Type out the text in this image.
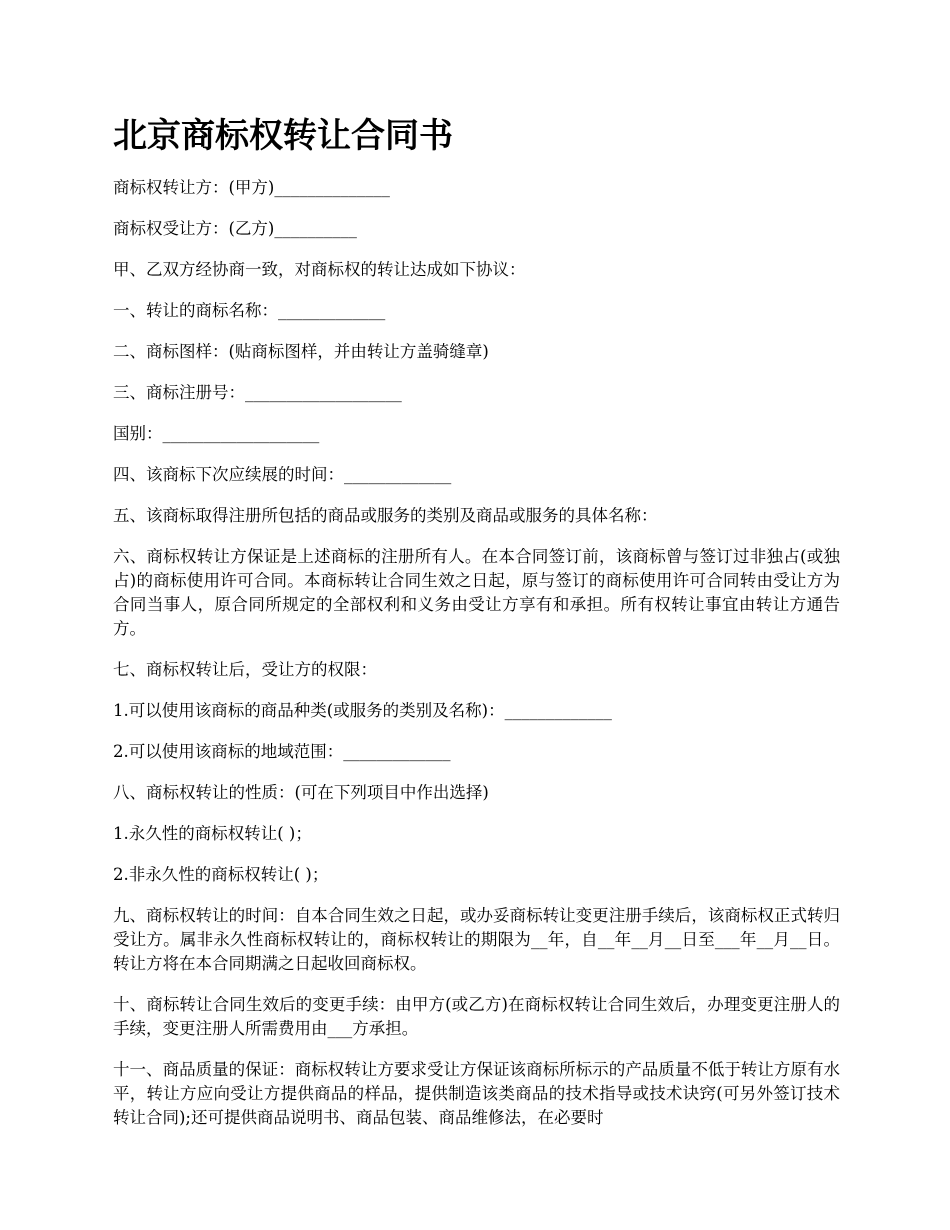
北京商标权转让合同书

商标权转让方：(甲方)______________

商标权受让方：(乙方)__________

甲、乙双方经协商一致，对商标权的转让达成如下协议：

一、转让的商标名称：_____________

二、商标图样：(贴商标图样，并由转让方盖骑缝章)

三、商标注册号：___________________

国别：___________________

四、该商标下次应续展的时间：_____________

五、该商标取得注册所包括的商品或服务的类别及商品或服务的具体名称：

六、商标权转让方保证是上述商标的注册所有人。在本合同签订前，该商标曾与签订过非独占(或独占)的商标使用许可合同。本商标转让合同生效之日起，原与签订的商标使用许可合同转由受让方为合同当事人，原合同所规定的全部权利和义务由受让方享有和承担。所有权转让事宜由转让方通告方。

七、商标权转让后，受让方的权限：

1.可以使用该商标的商品种类(或服务的类别及名称)：_____________

2.可以使用该商标的地域范围：_____________

八、商标权转让的性质：(可在下列项目中作出选择)

1.永久性的商标权转让( )；

2.非永久性的商标权转让( )；

九、商标权转让的时间：自本合同生效之日起，或办妥商标转让变更注册手续后，该商标权正式转归受让方。属非永久性商标权转让的，商标权转让的期限为__年，自__年__月__日至___年__月__日。转让方将在本合同期满之日起收回商标权。

十、商标转让合同生效后的变更手续：由甲方(或乙方)在商标权转让合同生效后，办理变更注册人的手续，变更注册人所需费用由___方承担。

十一、商品质量的保证：商标权转让方要求受让方保证该商标所标示的产品质量不低于转让方原有水平，转让方应向受让方提供商品的样品，提供制造该类商品的技术指导或技术诀窍(可另外签订技术转让合同);还可提供商品说明书、商品包装、商品维修法，在必要时
